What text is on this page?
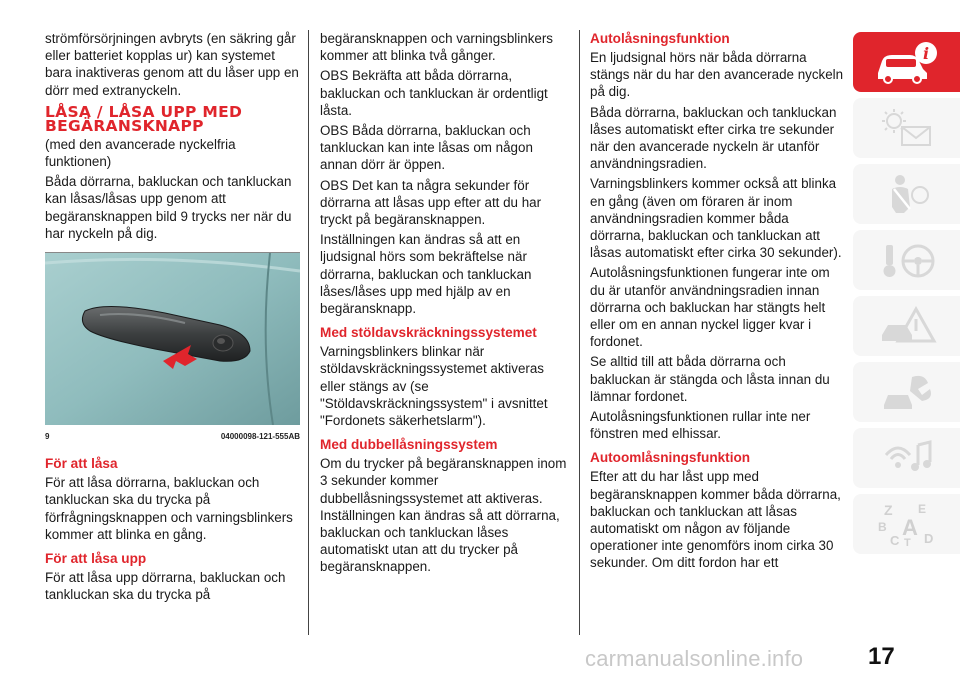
strömförsörjningen avbryts (en säkring går eller batteriet kopplas ur) kan systemet bara inaktiveras genom att du låser upp en dörr med extranyckeln.

LÅSA / LÅSA UPP MED BEGÄRANSKNAPP

(med den avancerade nyckelfria funktionen)

Båda dörrarna, bakluckan och tankluckan kan låsas/låsas upp genom att begäransknappen bild 9 trycks ner när du har nyckeln på dig.

9	04000098-121-555AB
För att låsa

För att låsa dörrarna, bakluckan och tankluckan ska du trycka på förfrågningsknappen och varningsblinkers kommer att blinka en gång.

För att låsa upp

För att låsa upp dörrarna, bakluckan och tankluckan ska du trycka på

begäransknappen och varningsblinkers kommer att blinka två gånger.

OBS Bekräfta att båda dörrarna, bakluckan och tankluckan är ordentligt låsta.

OBS Båda dörrarna, bakluckan och tankluckan kan inte låsas om någon annan dörr är öppen.

OBS Det kan ta några sekunder för dörrarna att låsas upp efter att du har tryckt på begäransknappen.

Inställningen kan ändras så att en ljudsignal hörs som bekräftelse när dörrarna, bakluckan och tankluckan låses/låses upp med hjälp av en begäransknapp.

Med stöldavskräckningssystemet

Varningsblinkers blinkar när stöldavskräckningssystemet aktiveras eller stängs av (se "Stöldavskräckningssystem" i avsnittet "Fordonets säkerhetslarm").

Med dubbellåsningssystem

Om du trycker på begäransknappen inom 3 sekunder kommer dubbellåsningssystemet att aktiveras. Inställningen kan ändras så att dörrarna, bakluckan och tankluckan låses automatiskt utan att du trycker på begäransknappen.

Autolåsningsfunktion

En ljudsignal hörs när båda dörrarna stängs när du har den avancerade nyckeln på dig.

Båda dörrarna, bakluckan och tankluckan låses automatiskt efter cirka tre sekunder när den avancerade nyckeln är utanför användningsradien.

Varningsblinkers kommer också att blinka en gång (även om föraren är inom användningsradien kommer båda dörrarna, bakluckan och tankluckan att låsas automatiskt efter cirka 30 sekunder).

Autolåsningsfunktionen fungerar inte om du är utanför användningsradien innan dörrarna och bakluckan har stängts helt eller om en annan nyckel ligger kvar i fordonet.

Se alltid till att båda dörrarna och bakluckan är stängda och låsta innan du lämnar fordonet.

Autolåsningsfunktionen rullar inte ner fönstren med elhissar.

Autoomlåsningsfunktion

Efter att du har låst upp med begäransknappen kommer båda dörrarna, bakluckan och tankluckan att låsas automatiskt om någon av följande operationer inte genomförs inom cirka 30 sekunder. Om ditt fordon har ett

i
Z E
B A
C T D
carmanualsonline.info	17
